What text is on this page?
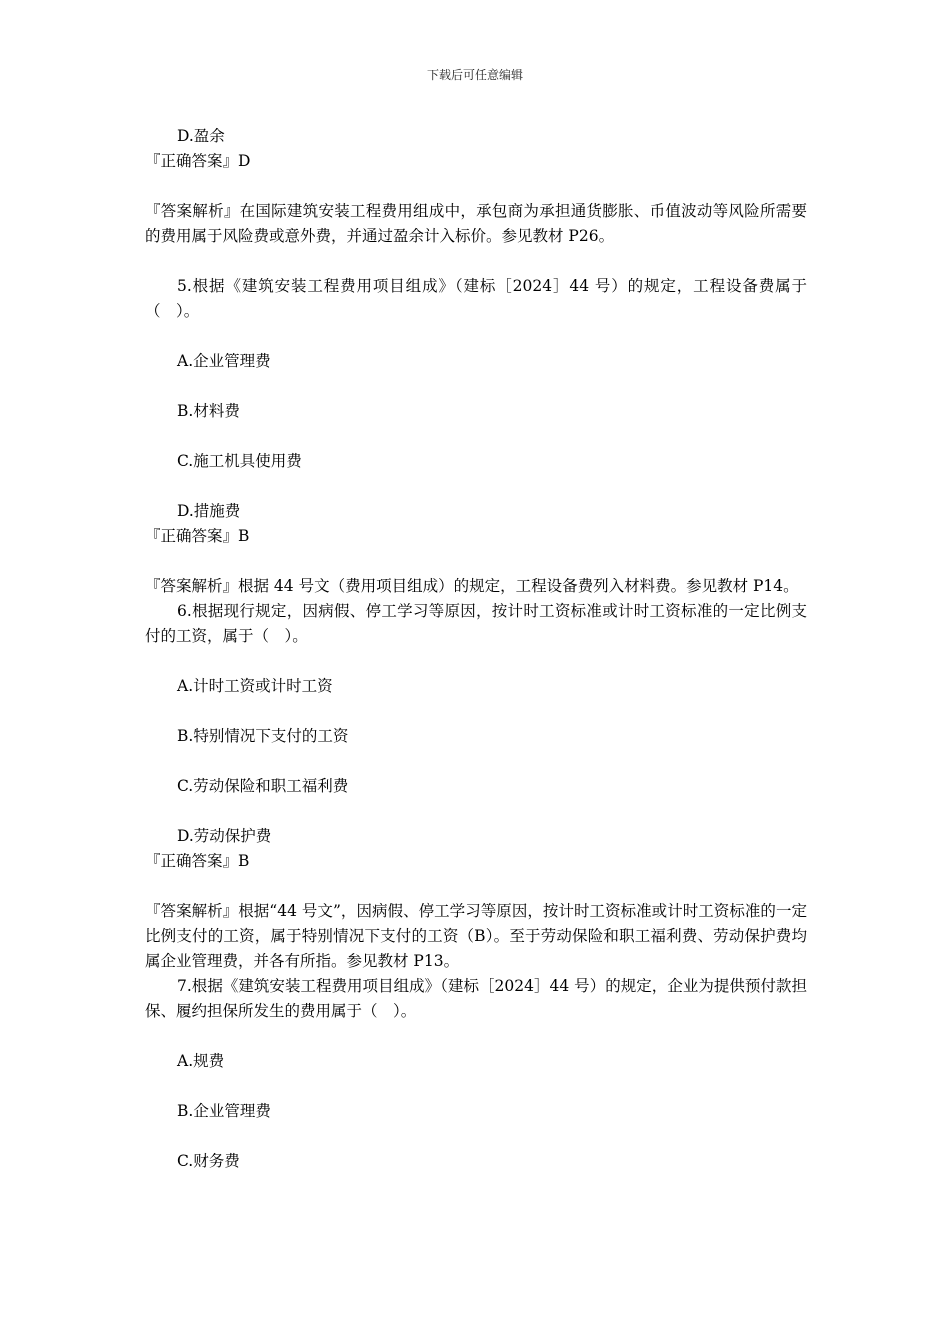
下载后可任意编辑

D.盈余

『正确答案』D

『答案解析』在国际建筑安装工程费用组成中，承包商为承担通货膨胀、币值波动等风险所需要的费用属于风险费或意外费，并通过盈余计入标价。参见教材 P26。

5.根据《建筑安装工程费用项目组成》（建标［2024］44 号）的规定，工程设备费属于（　）。

A.企业管理费

B.材料费

C.施工机具使用费

D.措施费

『正确答案』B

『答案解析』根据 44 号文（费用项目组成）的规定，工程设备费列入材料费。参见教材 P14。

6.根据现行规定，因病假、停工学习等原因，按计时工资标准或计时工资标准的一定比例支付的工资，属于（　）。

A.计时工资或计时工资

B.特别情况下支付的工资

C.劳动保险和职工福利费

D.劳动保护费

『正确答案』B

『答案解析』根据“44 号文”，因病假、停工学习等原因，按计时工资标准或计时工资标准的一定比例支付的工资，属于特别情况下支付的工资（B）。至于劳动保险和职工福利费、劳动保护费均属企业管理费，并各有所指。参见教材 P13。

7.根据《建筑安装工程费用项目组成》（建标［2024］44 号）的规定，企业为提供预付款担保、履约担保所发生的费用属于（　）。

A.规费

B.企业管理费

C.财务费
